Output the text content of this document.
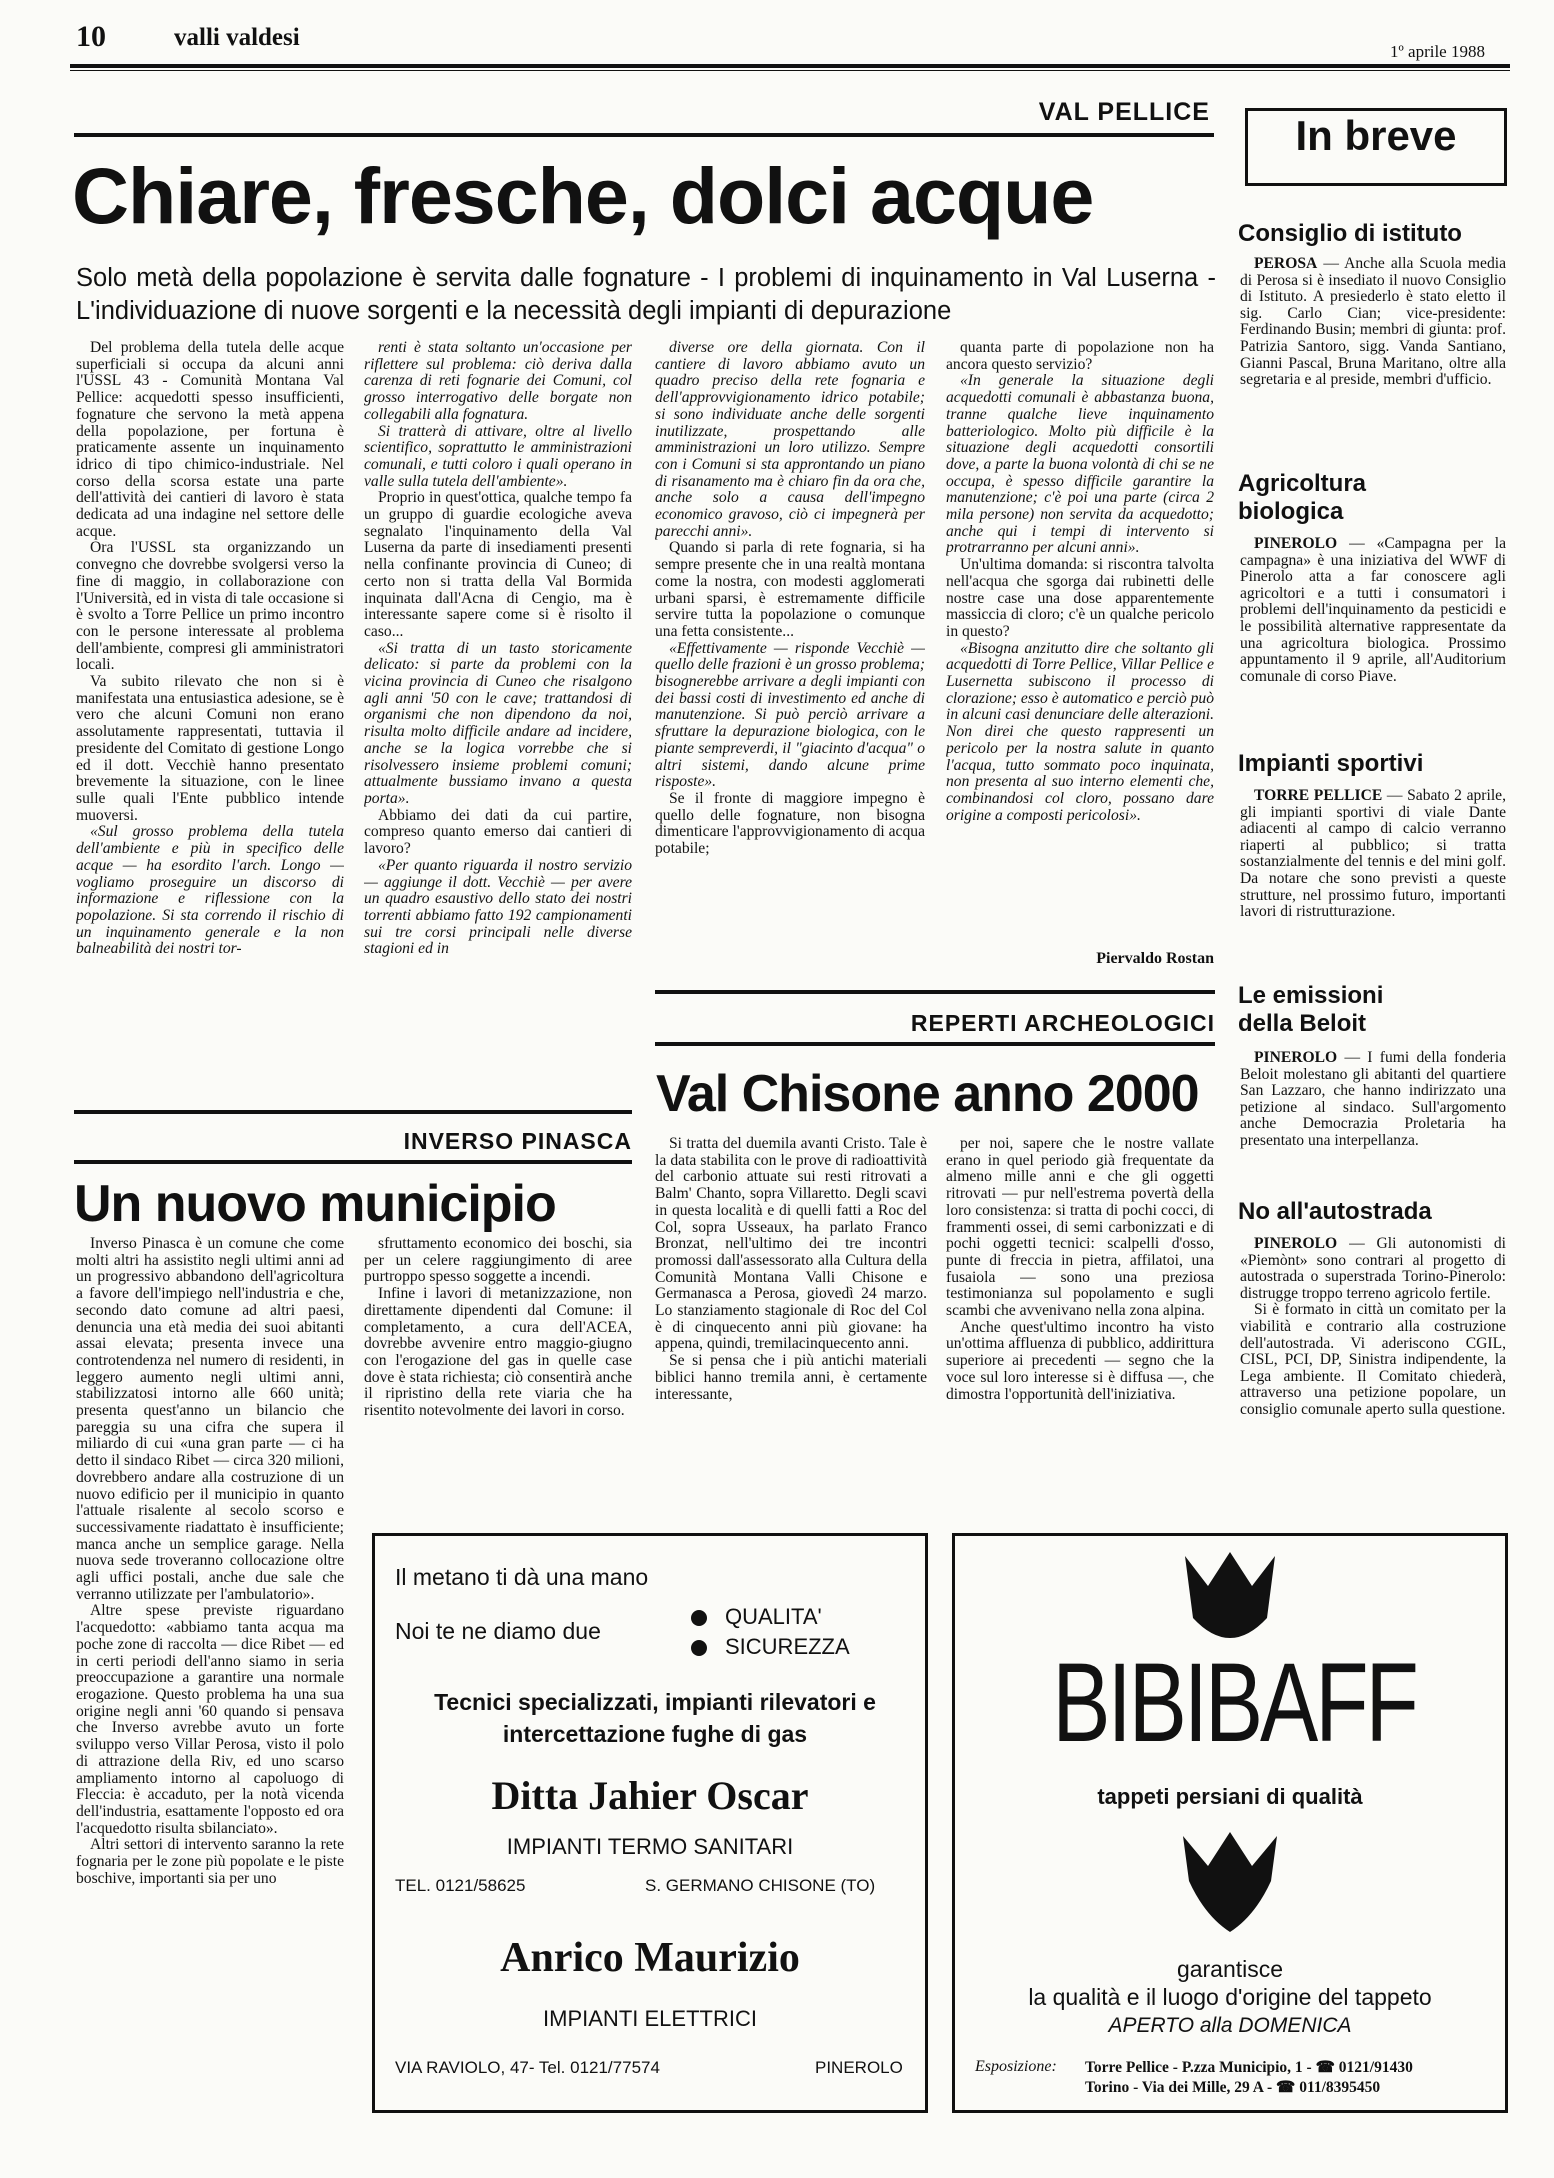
10	valli valdesi
1º aprile 1988
VAL PELLICE
Chiare, fresche, dolci acque
Solo metà della popolazione è servita dalle fognature - I problemi di inquinamento in Val Luserna - L'individuazione di nuove sorgenti e la necessità degli impianti di depurazione

Del problema della tutela delle acque superficiali si occupa da alcuni anni l'USSL 43 - Comunità Montana Val Pellice: acquedotti spesso insufficienti, fognature che servono la metà appena della popolazione, per fortuna è praticamente assente un inquinamento idrico di tipo chimico-industriale. Nel corso della scorsa estate una parte dell'attività dei cantieri di lavoro è stata dedicata ad una indagine nel settore delle acque.

Ora l'USSL sta organizzando un convegno che dovrebbe svolgersi verso la fine di maggio, in collaborazione con l'Università, ed in vista di tale occasione si è svolto a Torre Pellice un primo incontro con le persone interessate al problema dell'ambiente, compresi gli amministratori locali.

Va subito rilevato che non si è manifestata una entusiastica adesione, se è vero che alcuni Comuni non erano assolutamente rappresentati, tuttavia il presidente del Comitato di gestione Longo ed il dott. Vecchiè hanno presentato brevemente la situazione, con le linee sulle quali l'Ente pubblico intende muoversi.

«Sul grosso problema della tutela dell'ambiente e più in specifico delle acque — ha esordito l'arch. Longo — vogliamo proseguire un discorso di informazione e riflessione con la popolazione. Si sta correndo il rischio di un inquinamento generale e la non balneabilità dei nostri tor-

renti è stata soltanto un'occasione per riflettere sul problema: ciò deriva dalla carenza di reti fognarie dei Comuni, col grosso interrogativo delle borgate non collegabili alla fognatura.

Si tratterà di attivare, oltre al livello scientifico, soprattutto le amministrazioni comunali, e tutti coloro i quali operano in valle sulla tutela dell'ambiente».

Proprio in quest'ottica, qualche tempo fa un gruppo di guardie ecologiche aveva segnalato l'inquinamento della Val Luserna da parte di insediamenti presenti nella confinante provincia di Cuneo; di certo non si tratta della Val Bormida inquinata dall'Acna di Cengio, ma è interessante sapere come si è risolto il caso...

«Si tratta di un tasto storicamente delicato: si parte da problemi con la vicina provincia di Cuneo che risalgono agli anni '50 con le cave; trattandosi di organismi che non dipendono da noi, risulta molto difficile andare ad incidere, anche se la logica vorrebbe che si risolvessero insieme problemi comuni; attualmente bussiamo invano a questa porta».

Abbiamo dei dati da cui partire, compreso quanto emerso dai cantieri di lavoro?

«Per quanto riguarda il nostro servizio — aggiunge il dott. Vecchiè — per avere un quadro esaustivo dello stato dei nostri torrenti abbiamo fatto 192 campionamenti sui tre corsi principali nelle diverse stagioni ed in

diverse ore della giornata. Con il cantiere di lavoro abbiamo avuto un quadro preciso della rete fognaria e dell'approvvigionamento idrico potabile; si sono individuate anche delle sorgenti inutilizzate, prospettando alle amministrazioni un loro utilizzo. Sempre con i Comuni si sta approntando un piano di risanamento ma è chiaro fin da ora che, anche solo a causa dell'impegno economico gravoso, ciò ci impegnerà per parecchi anni».

Quando si parla di rete fognaria, si ha sempre presente che in una realtà montana come la nostra, con modesti agglomerati urbani sparsi, è estremamente difficile servire tutta la popolazione o comunque una fetta consistente...

«Effettivamente — risponde Vecchiè — quello delle frazioni è un grosso problema; bisognerebbe arrivare a degli impianti con dei bassi costi di investimento ed anche di manutenzione. Si può perciò arrivare a sfruttare la depurazione biologica, con le piante sempreverdi, il "giacinto d'acqua" o altri sistemi, dando alcune prime risposte».

Se il fronte di maggiore impegno è quello delle fognature, non bisogna dimenticare l'approvvigionamento di acqua potabile;

quanta parte di popolazione non ha ancora questo servizio?

«In generale la situazione degli acquedotti comunali è abbastanza buona, tranne qualche lieve inquinamento batteriologico. Molto più difficile è la situazione degli acquedotti consortili dove, a parte la buona volontà di chi se ne occupa, è spesso difficile garantire la manutenzione; c'è poi una parte (circa 2 mila persone) non servita da acquedotto; anche qui i tempi di intervento si protrarranno per alcuni anni».

Un'ultima domanda: si riscontra talvolta nell'acqua che sgorga dai rubinetti delle nostre case una dose apparentemente massiccia di cloro; c'è un qualche pericolo in questo?

«Bisogna anzitutto dire che soltanto gli acquedotti di Torre Pellice, Villar Pellice e Lusernetta subiscono il processo di clorazione; esso è automatico e perciò può in alcuni casi denunciare delle alterazioni. Non direi che questo rappresenti un pericolo per la nostra salute in quanto l'acqua, tutto sommato poco inquinata, non presenta al suo interno elementi che, combinandosi col cloro, possano dare origine a composti pericolosi».

Piervaldo Rostan
REPERTI ARCHEOLOGICI
Val Chisone anno 2000

Si tratta del duemila avanti Cristo. Tale è la data stabilita con le prove di radioattività del carbonio attuate sui resti ritrovati a Balm' Chanto, sopra Villaretto. Degli scavi in questa località e di quelli fatti a Roc del Col, sopra Usseaux, ha parlato Franco Bronzat, nell'ultimo dei tre incontri promossi dall'assessorato alla Cultura della Comunità Montana Valli Chisone e Germanasca a Perosa, giovedì 24 marzo. Lo stanziamento stagionale di Roc del Col è di cinquecento anni più giovane: ha appena, quindi, tremilacinquecento anni.

Se si pensa che i più antichi materiali biblici hanno tremila anni, è certamente interessante,

per noi, sapere che le nostre vallate erano in quel periodo già frequentate da almeno mille anni e che gli oggetti ritrovati — pur nell'estrema povertà della loro consistenza: si tratta di pochi cocci, di frammenti ossei, di semi carbonizzati e di pochi oggetti tecnici: scalpelli d'osso, punte di freccia in pietra, affilatoi, una fusaiola — sono una preziosa testimonianza sul popolamento e sugli scambi che avvenivano nella zona alpina.

Anche quest'ultimo incontro ha visto un'ottima affluenza di pubblico, addirittura superiore ai precedenti — segno che la voce sul loro interesse si è diffusa —, che dimostra l'opportunità dell'iniziativa.

INVERSO PINASCA
Un nuovo municipio

Inverso Pinasca è un comune che come molti altri ha assistito negli ultimi anni ad un progressivo abbandono dell'agricoltura a favore dell'impiego nell'industria e che, secondo dato comune ad altri paesi, denuncia una età media dei suoi abitanti assai elevata; presenta invece una controtendenza nel numero di residenti, in leggero aumento negli ultimi anni, stabilizzatosi intorno alle 660 unità; presenta quest'anno un bilancio che pareggia su una cifra che supera il miliardo di cui «una gran parte — ci ha detto il sindaco Ribet — circa 320 milioni, dovrebbero andare alla costruzione di un nuovo edificio per il municipio in quanto l'attuale risalente al secolo scorso e successivamente riadattato è insufficiente; manca anche un semplice garage. Nella nuova sede troveranno collocazione oltre agli uffici postali, anche due sale che verranno utilizzate per l'ambulatorio».

Altre spese previste riguardano l'acquedotto: «abbiamo tanta acqua ma poche zone di raccolta — dice Ribet — ed in certi periodi dell'anno siamo in seria preoccupazione a garantire una normale erogazione. Questo problema ha una sua origine negli anni '60 quando si pensava che Inverso avrebbe avuto un forte sviluppo verso Villar Perosa, visto il polo di attrazione della Riv, ed uno scarso ampliamento intorno al capoluogo di Fleccia: è accaduto, per la notà vicenda dell'industria, esattamente l'opposto ed ora l'acquedotto risulta sbilanciato».

Altri settori di intervento saranno la rete fognaria per le zone più popolate e le piste boschive, importanti sia per uno

sfruttamento economico dei boschi, sia per un celere raggiungimento di aree purtroppo spesso soggette a incendi.

Infine i lavori di metanizzazione, non direttamente dipendenti dal Comune: il completamento, a cura dell'ACEA, dovrebbe avvenire entro maggio-giugno con l'erogazione del gas in quelle case dove è stata richiesta; ciò consentirà anche il ripristino della rete viaria che ha risentito notevolmente dei lavori in corso.

In breve
Consiglio di istituto

PEROSA — Anche alla Scuola media di Perosa si è insediato il nuovo Consiglio di Istituto. A presiederlo è stato eletto il sig. Carlo Cian; vice-presidente: Ferdinando Busin; membri di giunta: prof. Patrizia Santoro, sigg. Vanda Santiano, Gianni Pascal, Bruna Maritano, oltre alla segretaria e al preside, membri d'ufficio.

Agricoltura biologica

PINEROLO — «Campagna per la campagna» è una iniziativa del WWF di Pinerolo atta a far conoscere agli agricoltori e a tutti i consumatori i problemi dell'inquinamento da pesticidi e le possibilità alternative rappresentate da una agricoltura biologica. Prossimo appuntamento il 9 aprile, all'Auditorium comunale di corso Piave.

Impianti sportivi

TORRE PELLICE — Sabato 2 aprile, gli impianti sportivi di viale Dante adiacenti al campo di calcio verranno riaperti al pubblico; si tratta sostanzialmente del tennis e del mini golf. Da notare che sono previsti a queste strutture, nel prossimo futuro, importanti lavori di ristrutturazione.

Le emissioni della Beloit

PINEROLO — I fumi della fonderia Beloit molestano gli abitanti del quartiere San Lazzaro, che hanno indirizzato una petizione al sindaco. Sull'argomento anche Democrazia Proletaria ha presentato una interpellanza.

No all'autostrada

PINEROLO — Gli autonomisti di «Piemònt» sono contrari al progetto di autostrada o superstrada Torino-Pinerolo: distrugge troppo terreno agricolo fertile.

Si è formato in città un comitato per la viabilità e contrario alla costruzione dell'autostrada. Vi aderiscono CGIL, CISL, PCI, DP, Sinistra indipendente, la Lega ambiente. Il Comitato chiederà, attraverso una petizione popolare, un consiglio comunale aperto sulla questione.

Il metano ti dà una mano
Noi te ne diamo due
QUALITA'
SICUREZZA
Tecnici specializzati, impianti rilevatori e intercettazione fughe di gas
Ditta Jahier Oscar
IMPIANTI TERMO SANITARI
TEL. 0121/58625	S. GERMANO CHISONE (TO)
Anrico Maurizio
IMPIANTI ELETTRICI
VIA RAVIOLO, 47- Tel. 0121/77574	PINEROLO
BIBIBAFF
tappeti persiani di qualità
garantisce
la qualità e il luogo d'origine del tappeto
APERTO alla DOMENICA
Esposizione: Torre Pellice - P.zza Municipio, 1 - ☎ 0121/91430
Torino - Via dei Mille, 29 A - ☎ 011/8395450
